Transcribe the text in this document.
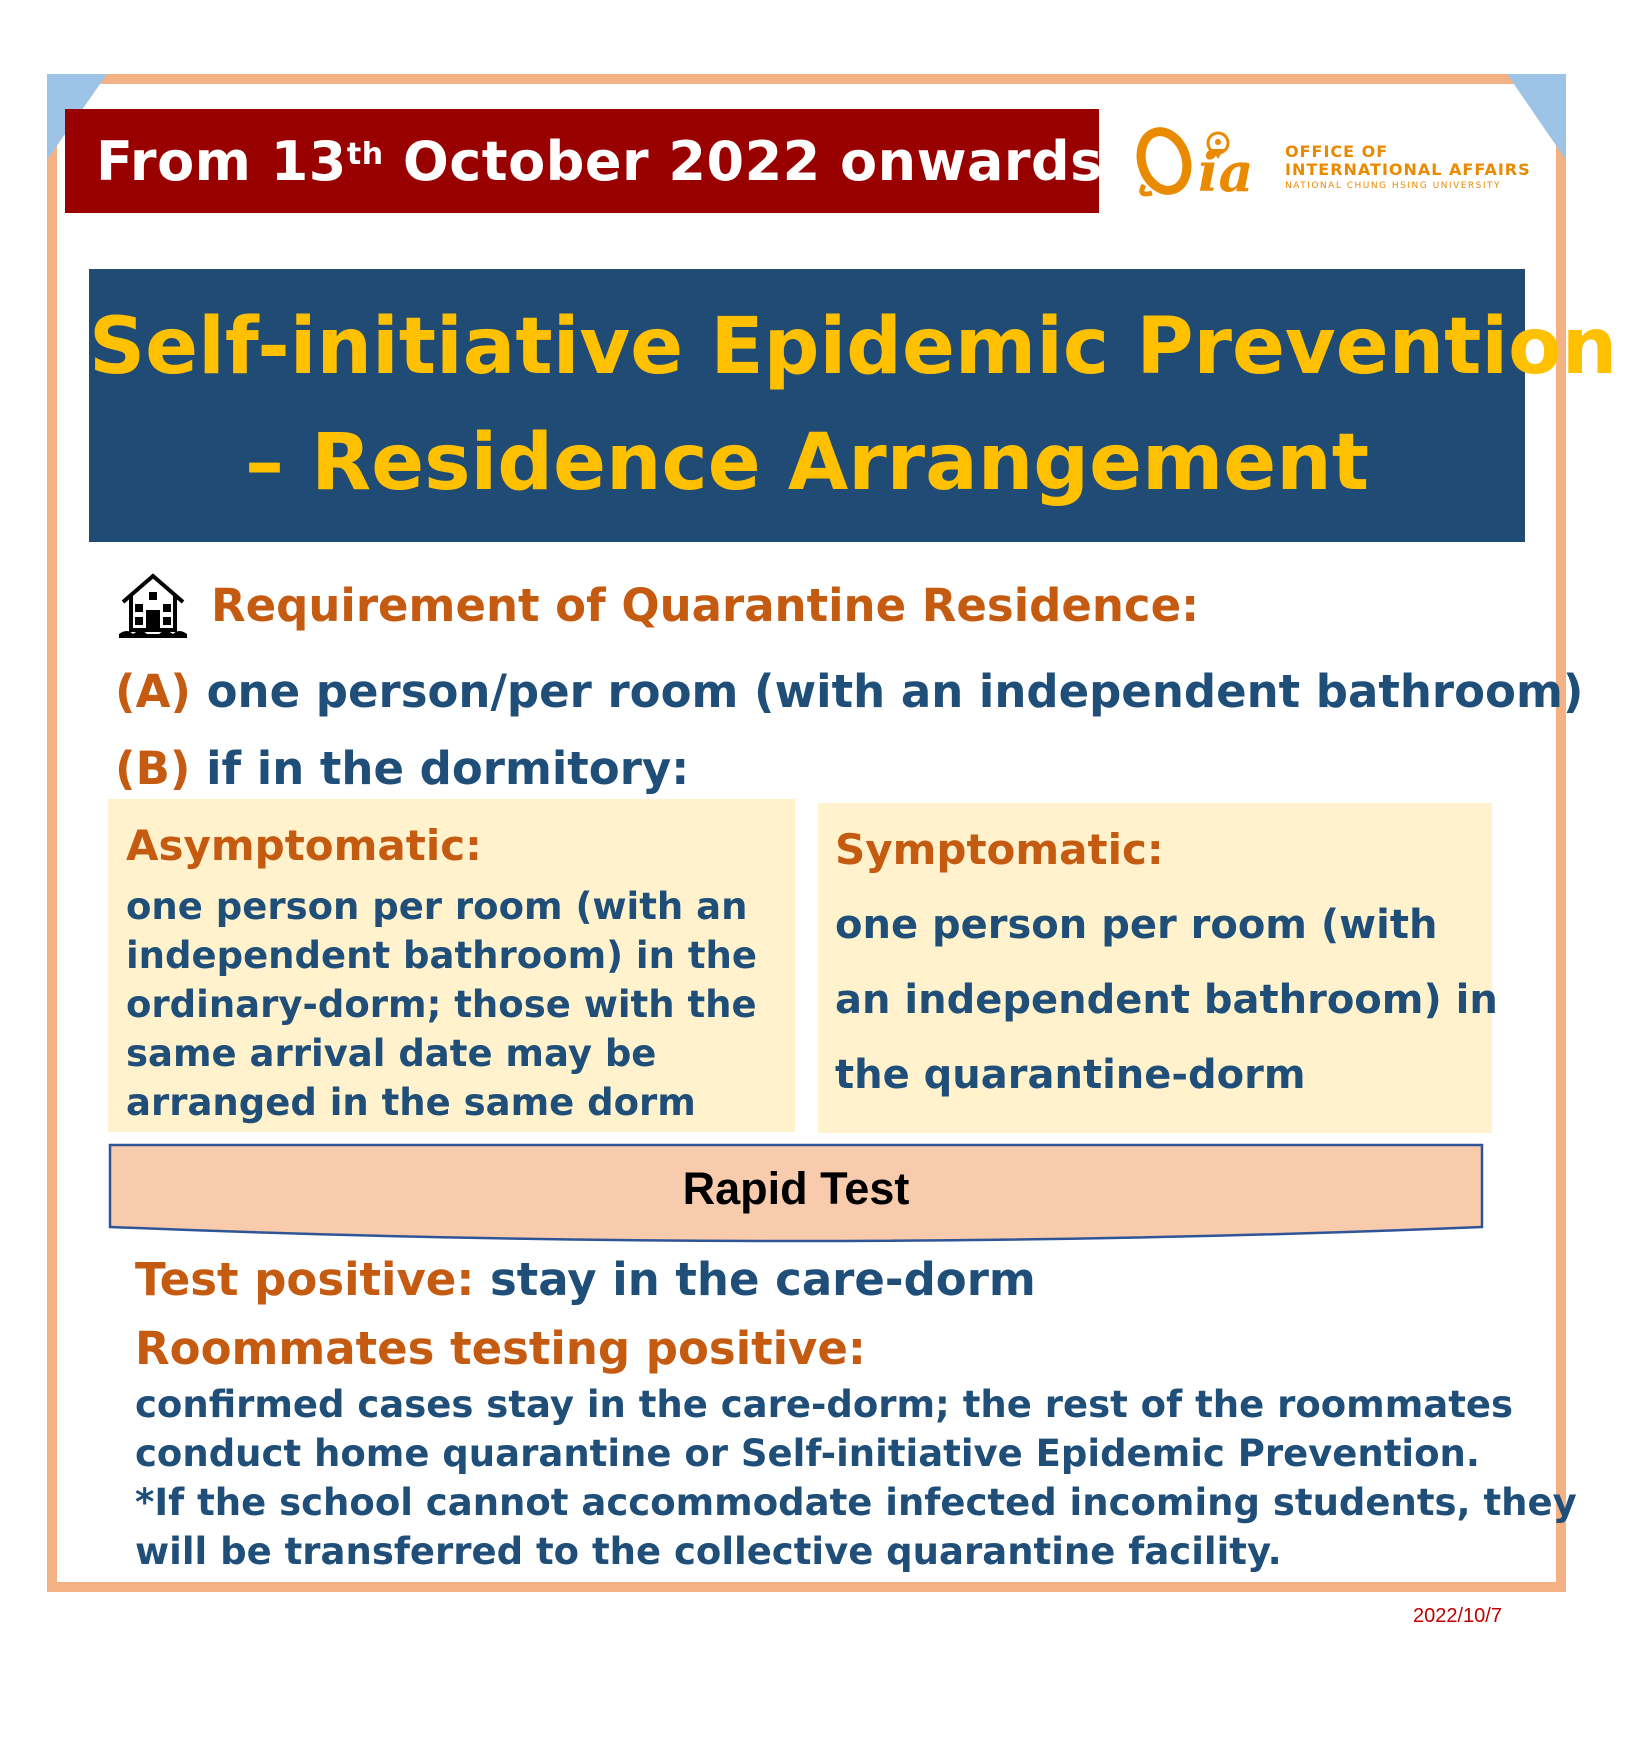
From 13th October 2022 onwards ia OFFICE OF
INTERNATIONAL AFFAIRS
NATIONAL CHUNG HSING UNIVERSITY
Self-initiative Epidemic Prevention
– Residence Arrangement
Requirement of Quarantine Residence:
(A) one person/per room (with an independent bathroom)
(B) if in the dormitory:
Asymptomatic:
one person per room (with an
independent bathroom) in the
ordinary-dorm; those with the
same arrival date may be
arranged in the same dorm
Symptomatic:
one person per room (with
an independent bathroom) in
the quarantine-dorm
Rapid Test
Test positive: stay in the care-dorm
Roommates testing positive:
confirmed cases stay in the care-dorm; the rest of the roommates
conduct home quarantine or Self-initiative Epidemic Prevention.
*If the school cannot accommodate infected incoming students, they
will be transferred to the collective quarantine facility.
2022/10/7
